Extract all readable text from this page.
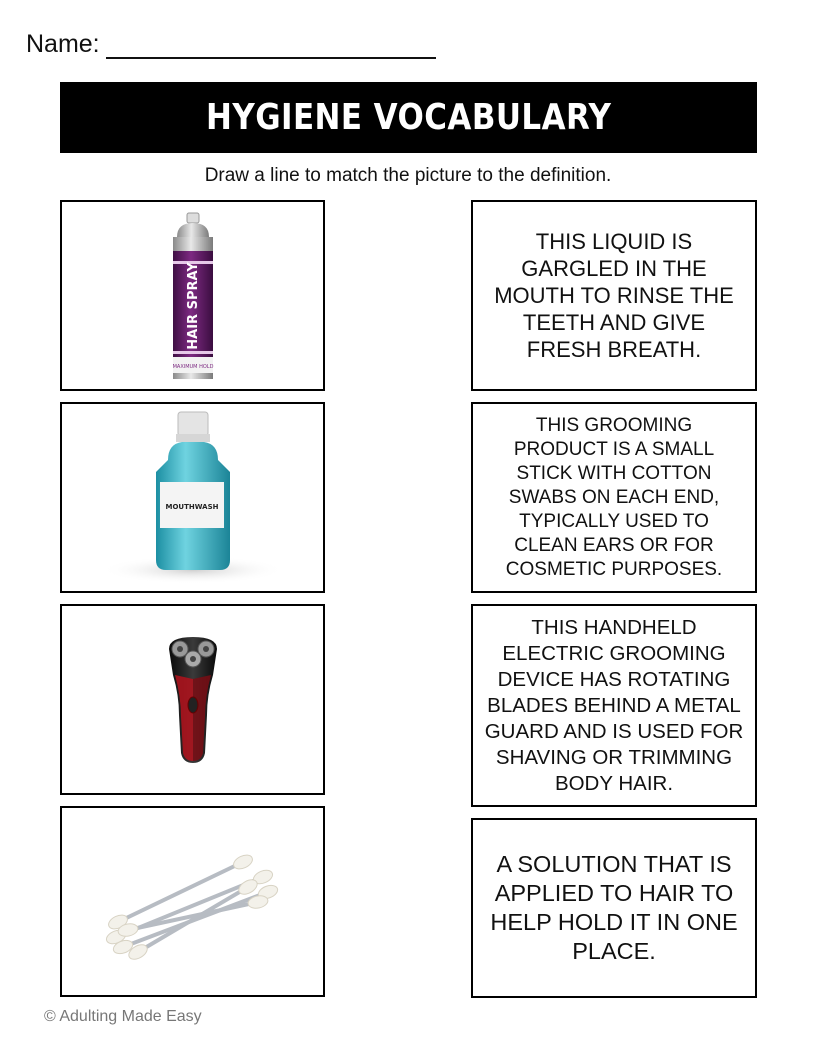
Name:
HYGIENE VOCABULARY
Draw a line to match the picture to the definition.
HAIR SPRAY
MAXIMUM HOLD
MOUTHWASH
THIS LIQUID IS GARGLED IN THE MOUTH TO RINSE THE TEETH AND GIVE FRESH BREATH.
THIS GROOMING PRODUCT IS A SMALL STICK WITH COTTON SWABS ON EACH END, TYPICALLY USED TO CLEAN EARS OR FOR COSMETIC PURPOSES.
THIS HANDHELD ELECTRIC GROOMING DEVICE HAS ROTATING BLADES BEHIND A METAL GUARD AND IS USED FOR SHAVING OR TRIMMING BODY HAIR.
A SOLUTION THAT IS APPLIED TO HAIR TO HELP HOLD IT IN ONE PLACE.
© Adulting Made Easy
